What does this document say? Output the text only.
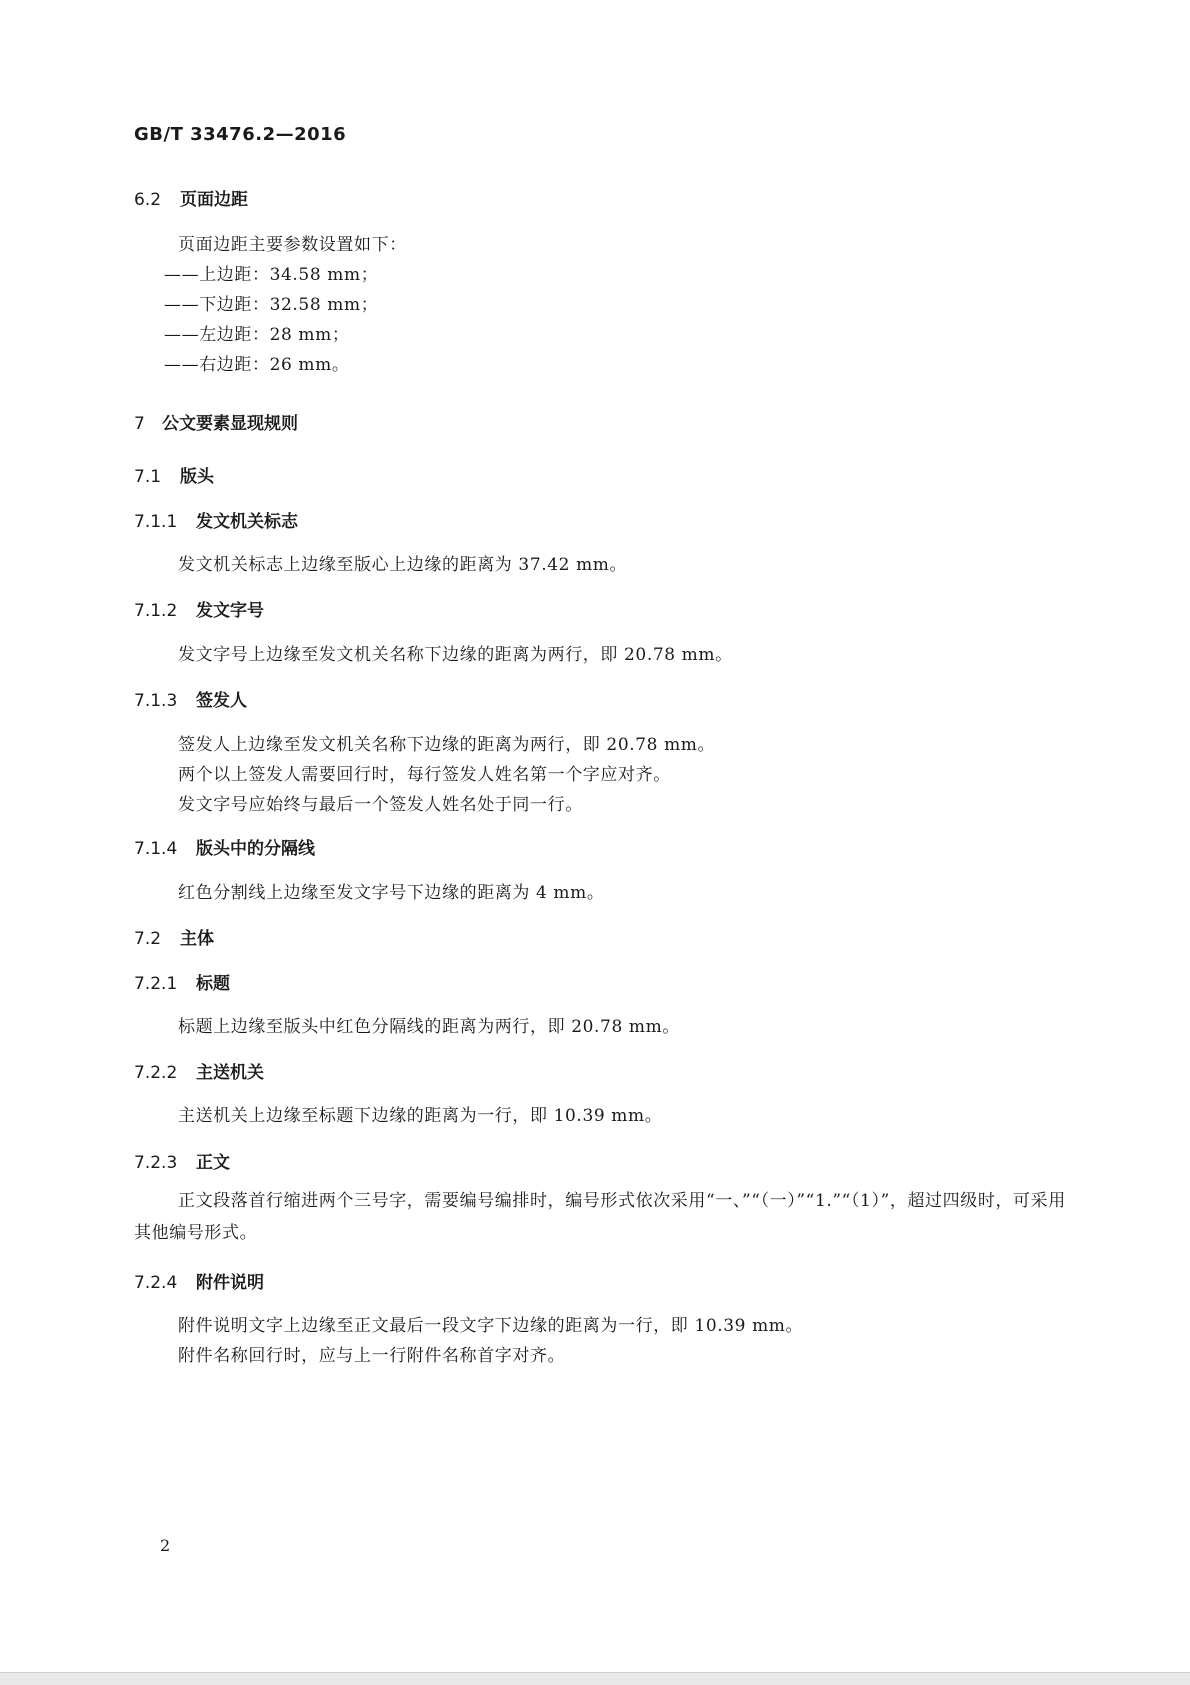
GB/T 33476.2—2016
6.2 页面边距
页面边距主要参数设置如下：
——上边距：34.58 mm；
——下边距：32.58 mm；
——左边距：28 mm；
——右边距：26 mm。
7 公文要素显现规则
7.1 版头
7.1.1 发文机关标志
发文机关标志上边缘至版心上边缘的距离为 37.42 mm。
7.1.2 发文字号
发文字号上边缘至发文机关名称下边缘的距离为两行，即 20.78 mm。
7.1.3 签发人
签发人上边缘至发文机关名称下边缘的距离为两行，即 20.78 mm。
两个以上签发人需要回行时，每行签发人姓名第一个字应对齐。
发文字号应始终与最后一个签发人姓名处于同一行。
7.1.4 版头中的分隔线
红色分割线上边缘至发文字号下边缘的距离为 4 mm。
7.2 主体
7.2.1 标题
标题上边缘至版头中红色分隔线的距离为两行，即 20.78 mm。
7.2.2 主送机关
主送机关上边缘至标题下边缘的距离为一行，即 10.39 mm。
7.2.3 正文
正文段落首行缩进两个三号字，需要编号编排时，编号形式依次采用“一、”“（一）”“1.”“（1）”，超过四级时，可采用其他编号形式。
7.2.4 附件说明
附件说明文字上边缘至正文最后一段文字下边缘的距离为一行，即 10.39 mm。
附件名称回行时，应与上一行附件名称首字对齐。
2
